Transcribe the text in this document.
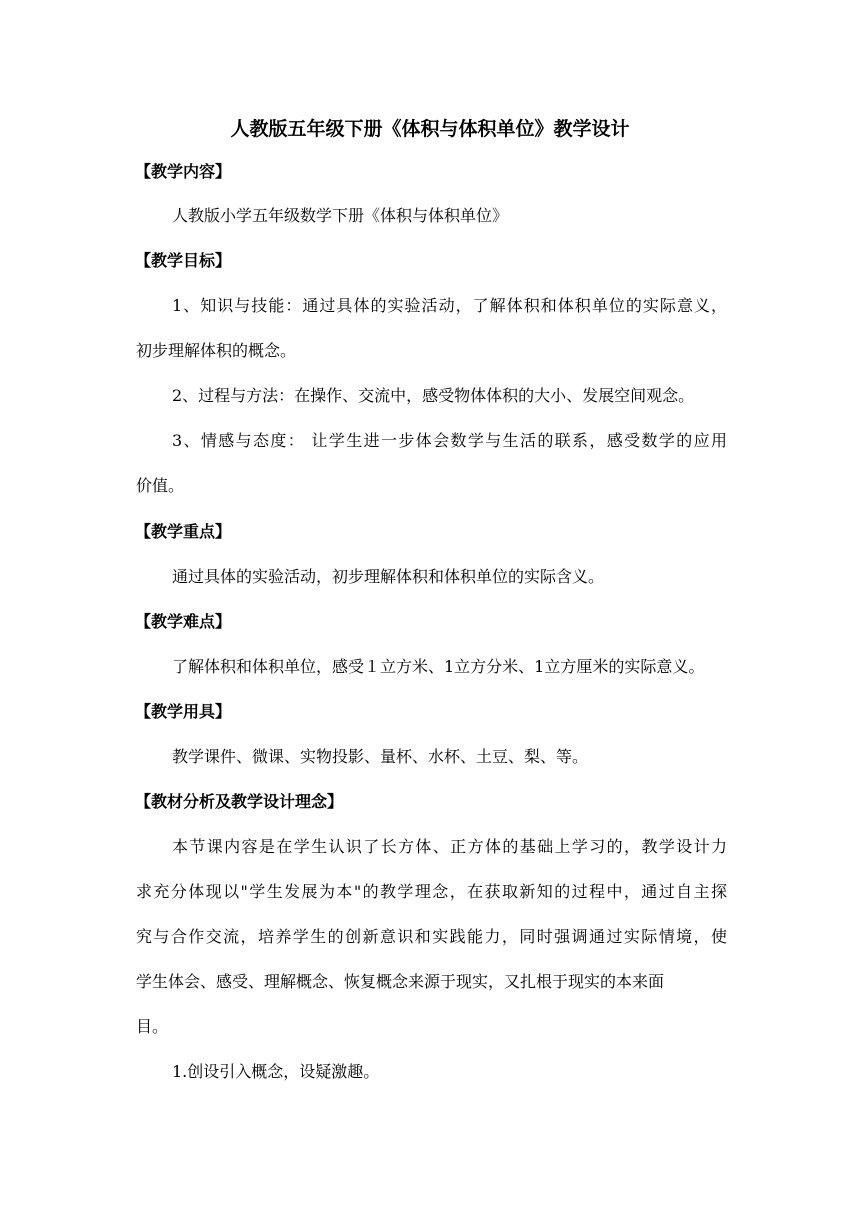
人教版五年级下册《体积与体积单位》教学设计

【教学内容】

人教版小学五年级数学下册《体积与体积单位》

【教学目标】

1、知识与技能：通过具体的实验活动，了解体积和体积单位的实际意义，

初步理解体积的概念。

2、过程与方法：在操作、交流中，感受物体体积的大小、发展空间观念。

3、情感与态度： 让学生进一步体会数学与生活的联系，感受数学的应用

价值。

【教学重点】

通过具体的实验活动，初步理解体积和体积单位的实际含义。

【教学难点】

了解体积和体积单位，感受１立方米、1立方分米、1立方厘米的实际意义。

【教学用具】

教学课件、微课、实物投影、量杯、水杯、土豆、梨、等。

【教材分析及教学设计理念】

本节课内容是在学生认识了长方体、正方体的基础上学习的，教学设计力
求充分体现以"学生发展为本"的教学理念，在获取新知的过程中，通过自主探
究与合作交流，培养学生的创新意识和实践能力，同时强调通过实际情境，使

学生体会、感受、理解概念、恢复概念来源于现实，又扎根于现实的本来面

目。

1.创设引入概念，设疑激趣。
